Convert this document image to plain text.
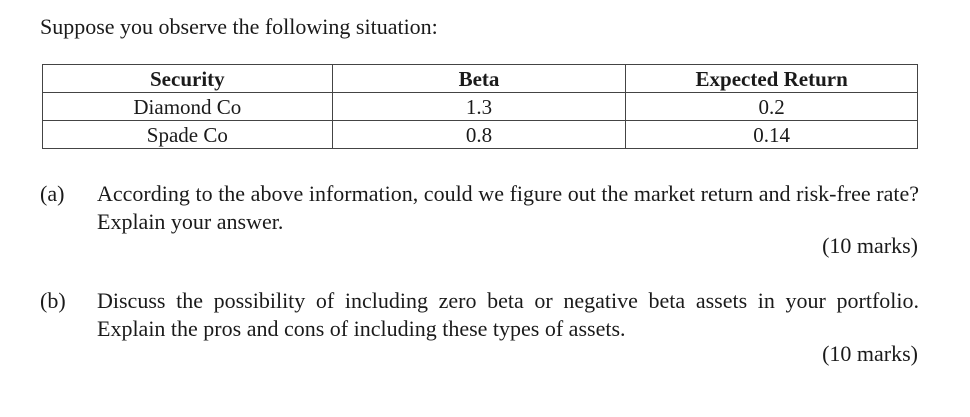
Suppose you observe the following situation:
Security	Beta	Expected Return
Diamond Co	1.3	0.2
Spade Co	0.8	0.14
(a) According to the above information, could we figure out the market return and risk-free rate? Explain your answer.
(10 marks)
(b) Discuss the possibility of including zero beta or negative beta assets in your portfolio. Explain the pros and cons of including these types of assets.
(10 marks)
